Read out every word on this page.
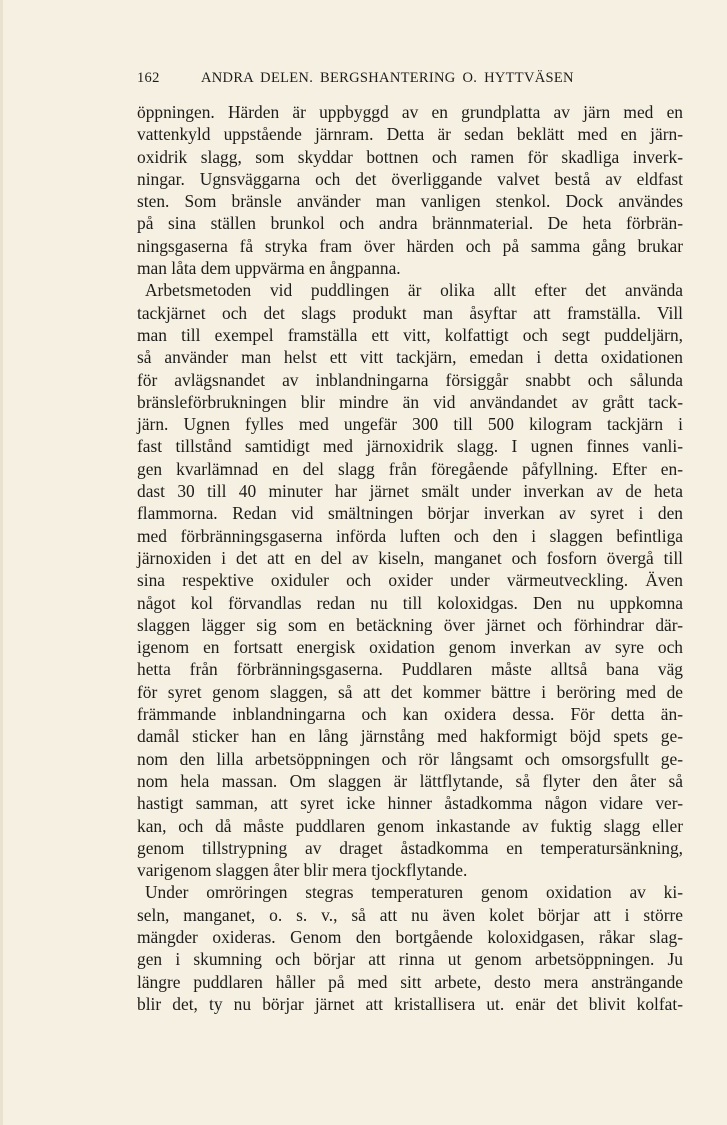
162	ANDRA DELEN. BERGSHANTERING O. HYTTVÄSEN
öppningen. Härden är uppbyggd av en grundplatta av järn med en
vattenkyld uppstående järnram. Detta är sedan beklätt med en järn-
oxidrik slagg, som skyddar bottnen och ramen för skadliga inverk-
ningar. Ugnsväggarna och det överliggande valvet bestå av eldfast
sten. Som bränsle använder man vanligen stenkol. Dock användes
på sina ställen brunkol och andra brännmaterial. De heta förbrän-
ningsgaserna få stryka fram över härden och på samma gång brukar
man låta dem uppvärma en ångpanna.
Arbetsmetoden vid puddlingen är olika allt efter det använda
tackjärnet och det slags produkt man åsyftar att framställa. Vill
man till exempel framställa ett vitt, kolfattigt och segt puddeljärn,
så använder man helst ett vitt tackjärn, emedan i detta oxidationen
för avlägsnandet av inblandningarna försiggår snabbt och sålunda
bränsleförbrukningen blir mindre än vid användandet av grått tack-
järn. Ugnen fylles med ungefär 300 till 500 kilogram tackjärn i
fast tillstånd samtidigt med järnoxidrik slagg. I ugnen finnes vanli-
gen kvarlämnad en del slagg från föregående påfyllning. Efter en-
dast 30 till 40 minuter har järnet smält under inverkan av de heta
flammorna. Redan vid smältningen börjar inverkan av syret i den
med förbränningsgaserna införda luften och den i slaggen befintliga
järnoxiden i det att en del av kiseln, manganet och fosforn övergå till
sina respektive oxiduler och oxider under värmeutveckling. Även
något kol förvandlas redan nu till koloxidgas. Den nu uppkomna
slaggen lägger sig som en betäckning över järnet och förhindrar där-
igenom en fortsatt energisk oxidation genom inverkan av syre och
hetta från förbränningsgaserna. Puddlaren måste alltså bana väg
för syret genom slaggen, så att det kommer bättre i beröring med de
främmande inblandningarna och kan oxidera dessa. För detta än-
damål sticker han en lång järnstång med hakformigt böjd spets ge-
nom den lilla arbetsöppningen och rör långsamt och omsorgsfullt ge-
nom hela massan. Om slaggen är lättflytande, så flyter den åter så
hastigt samman, att syret icke hinner åstadkomma någon vidare ver-
kan, och då måste puddlaren genom inkastande av fuktig slagg eller
genom tillstrypning av draget åstadkomma en temperatursänkning,
varigenom slaggen åter blir mera tjockflytande.
Under omröringen stegras temperaturen genom oxidation av ki-
seln, manganet, o. s. v., så att nu även kolet börjar att i större
mängder oxideras. Genom den bortgående koloxidgasen, råkar slag-
gen i skumning och börjar att rinna ut genom arbetsöppningen. Ju
längre puddlaren håller på med sitt arbete, desto mera ansträngande
blir det, ty nu börjar järnet att kristallisera ut. enär det blivit kolfat-
